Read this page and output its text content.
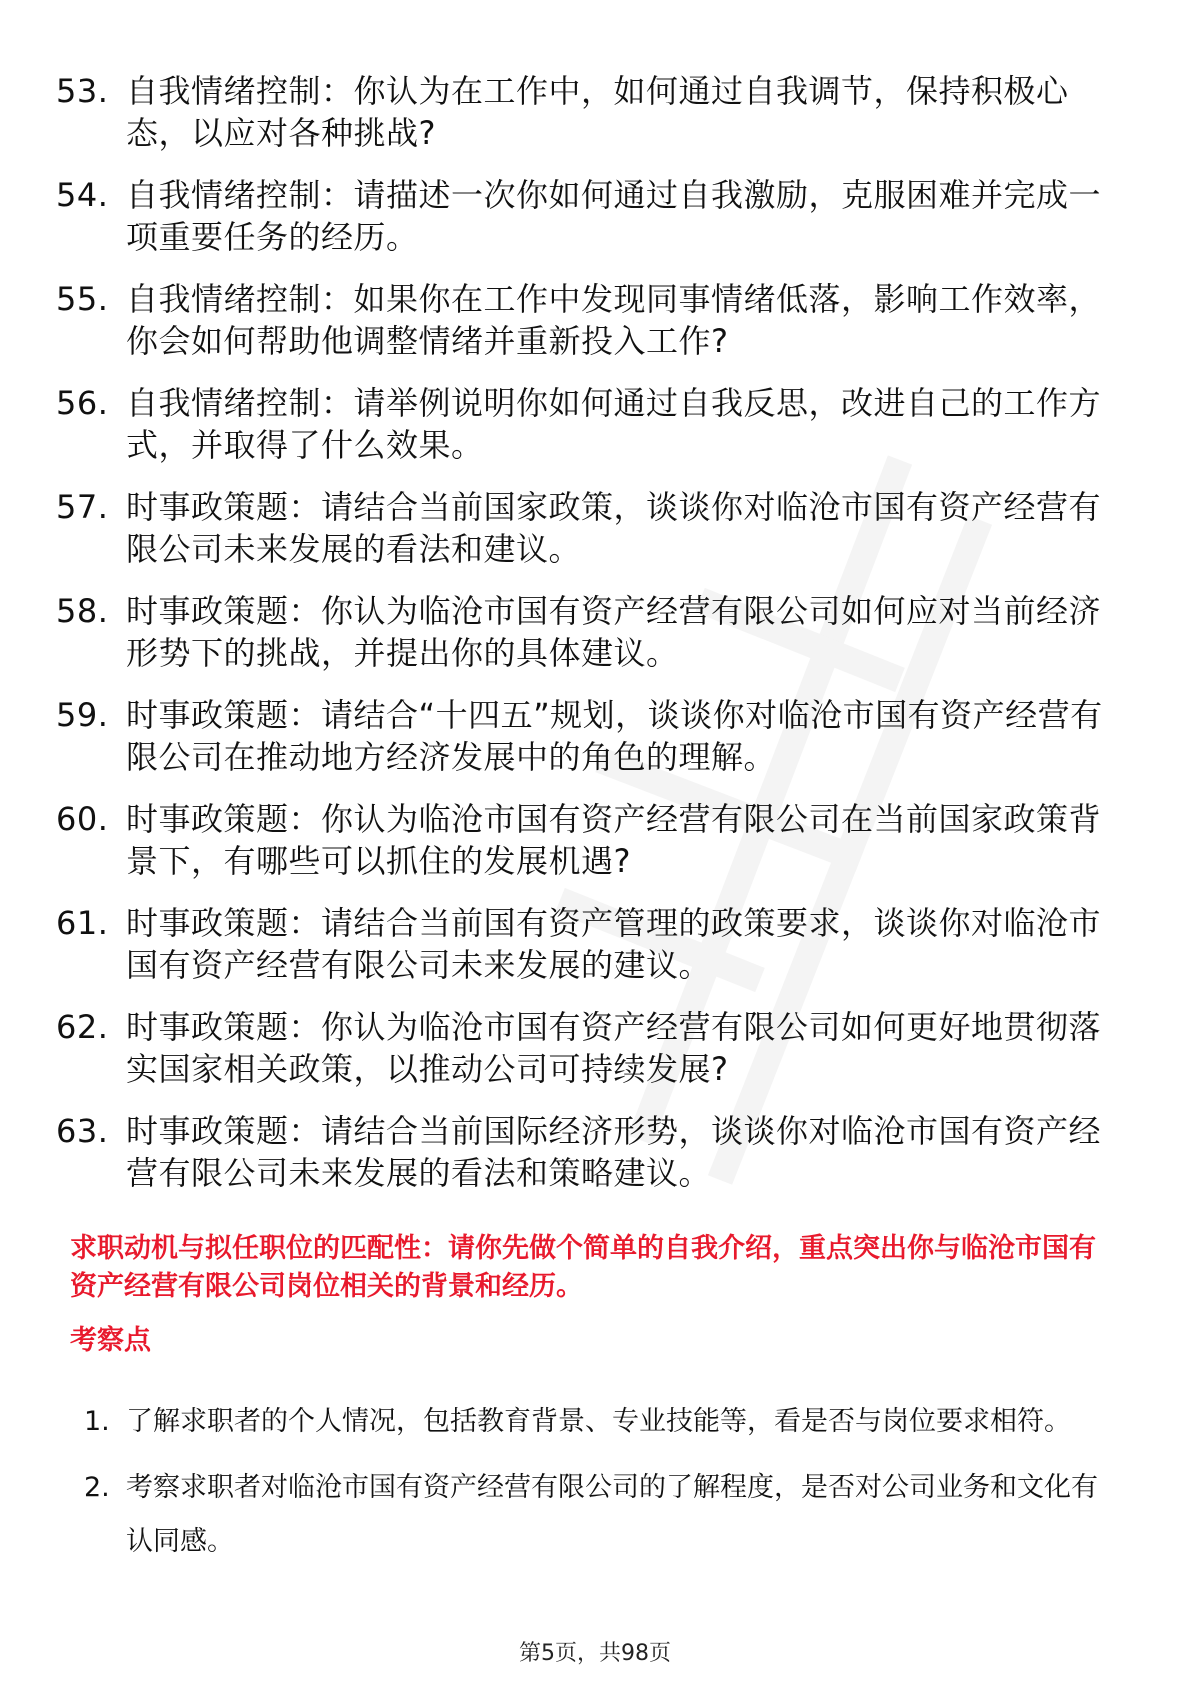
53. 自我情绪控制：你认为在工作中，如何通过自我调节，保持积极心态，以应对各种挑战?
54. 自我情绪控制：请描述一次你如何通过自我激励，克服困难并完成一项重要任务的经历。
55. 自我情绪控制：如果你在工作中发现同事情绪低落，影响工作效率，你会如何帮助他调整情绪并重新投入工作?
56. 自我情绪控制：请举例说明你如何通过自我反思，改进自己的工作方式，并取得了什么效果。
57. 时事政策题：请结合当前国家政策，谈谈你对临沧市国有资产经营有限公司未来发展的看法和建议。
58. 时事政策题：你认为临沧市国有资产经营有限公司如何应对当前经济形势下的挑战，并提出你的具体建议。
59. 时事政策题：请结合“十四五”规划，谈谈你对临沧市国有资产经营有限公司在推动地方经济发展中的角色的理解。
60. 时事政策题：你认为临沧市国有资产经营有限公司在当前国家政策背景下，有哪些可以抓住的发展机遇?
61. 时事政策题：请结合当前国有资产管理的政策要求，谈谈你对临沧市国有资产经营有限公司未来发展的建议。
62. 时事政策题：你认为临沧市国有资产经营有限公司如何更好地贯彻落实国家相关政策，以推动公司可持续发展?
63. 时事政策题：请结合当前国际经济形势，谈谈你对临沧市国有资产经营有限公司未来发展的看法和策略建议。
求职动机与拟任职位的匹配性：请你先做个简单的自我介绍，重点突出你与临沧市国有资产经营有限公司岗位相关的背景和经历。
考察点
1. 了解求职者的个人情况，包括教育背景、专业技能等，看是否与岗位要求相符。
2. 考察求职者对临沧市国有资产经营有限公司的了解程度，是否对公司业务和文化有认同感。
第5页，共98页
